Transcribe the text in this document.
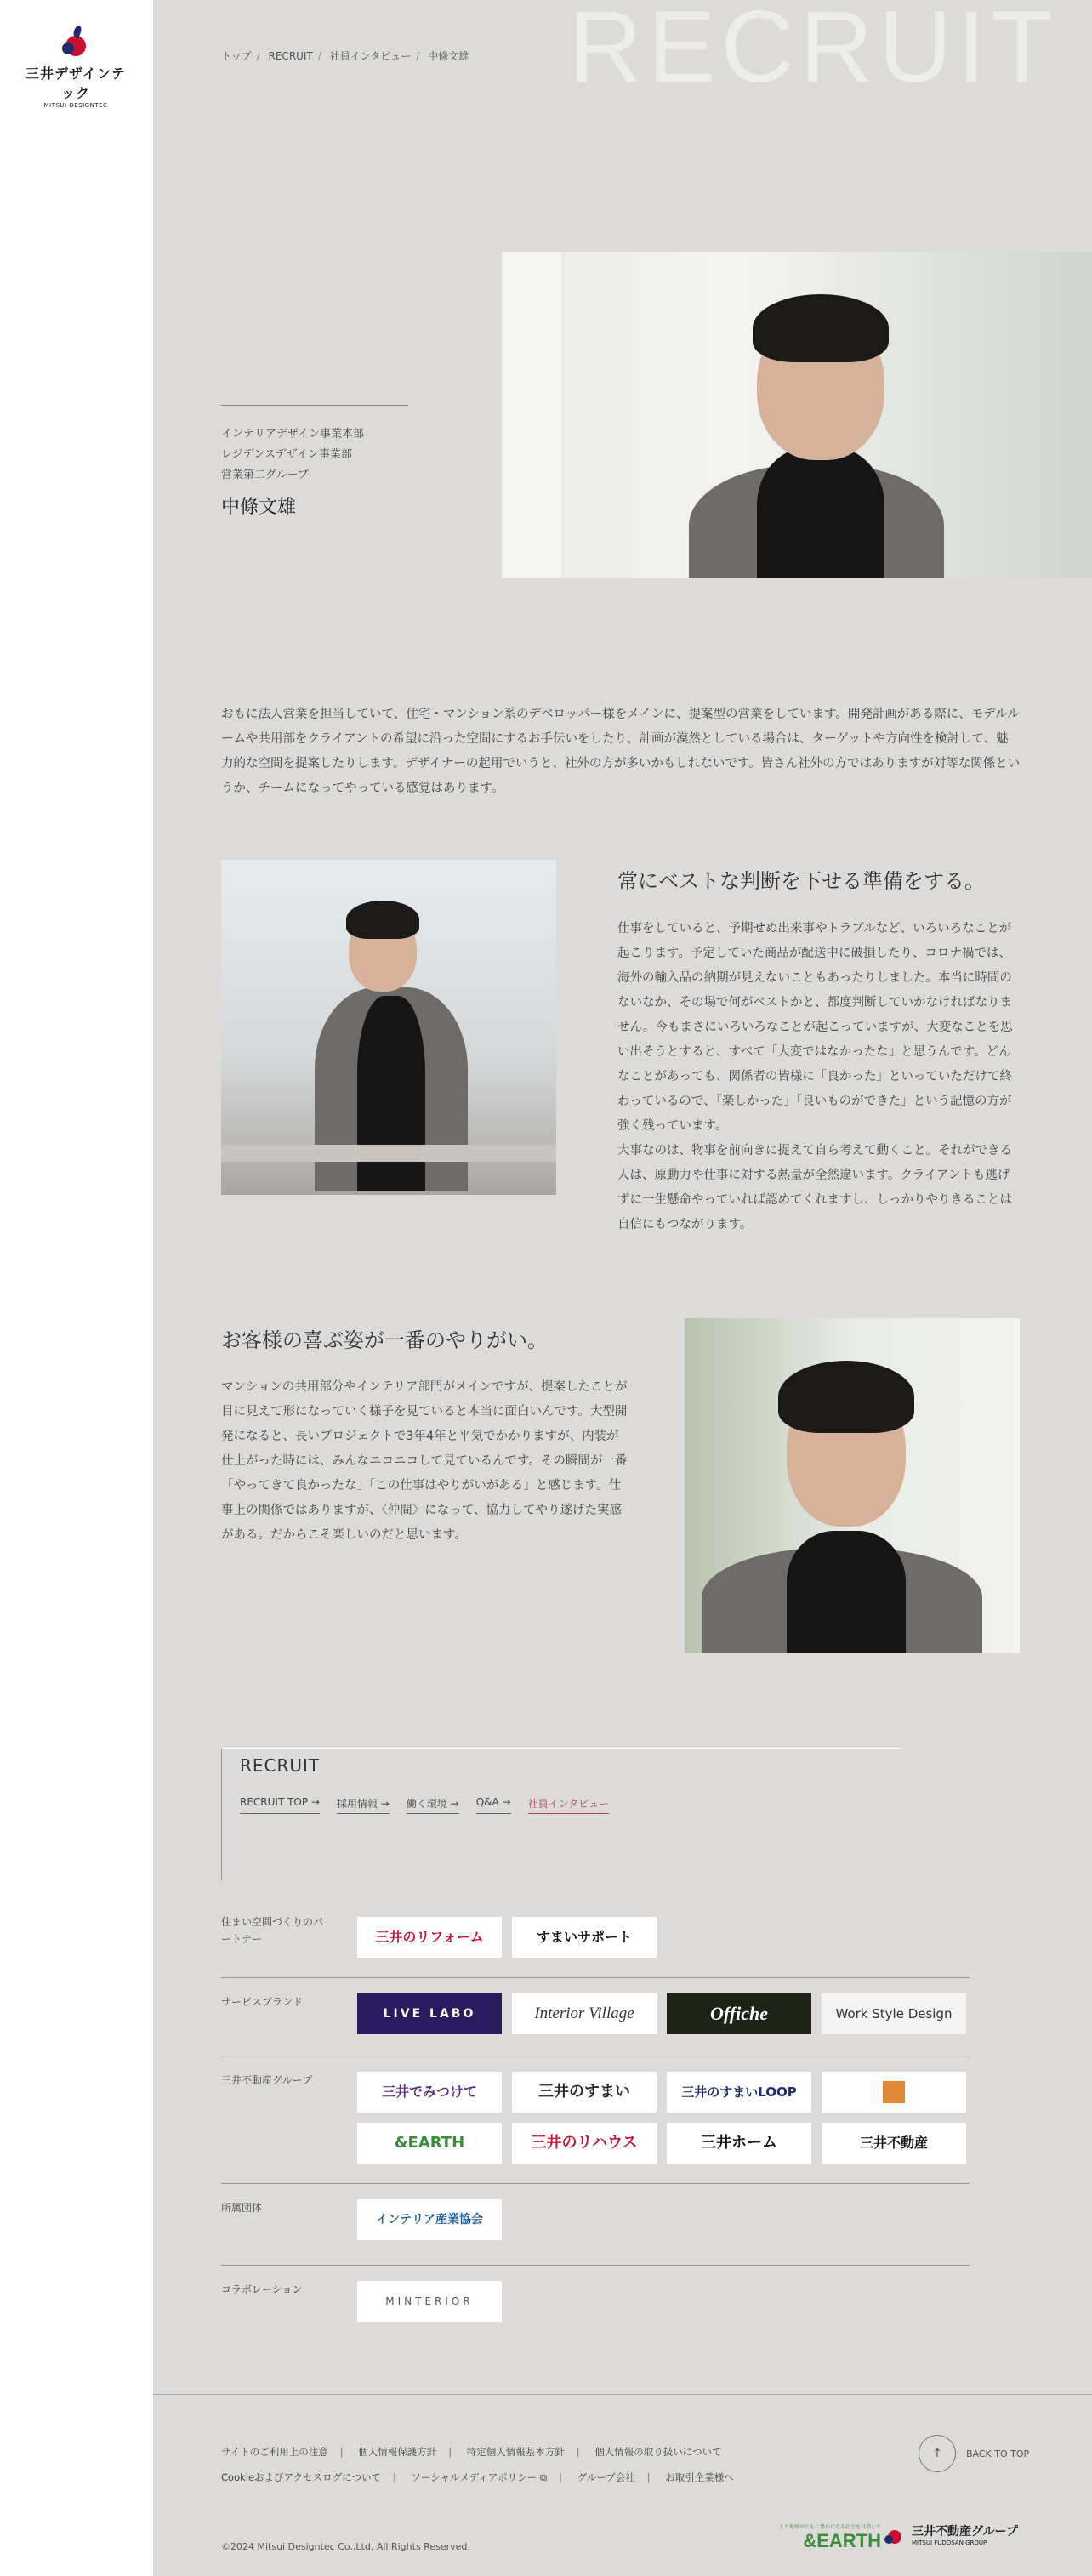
三井デザインテック
MITSUI DESIGNTEC
RECRUIT
トップ / RECRUIT / 社員インタビュー / 中條文雄
インテリアデザイン事業本部
レジデンスデザイン事業部
営業第二グループ
中條文雄

おもに法人営業を担当していて、住宅・マンション系のデベロッパー様をメインに、提案型の営業をしています。開発計画がある際に、モデルルームや共用部をクライアントの希望に沿った空間にするお手伝いをしたり、計画が漠然としている場合は、ターゲットや方向性を検討して、魅力的な空間を提案したりします。デザイナーの起用でいうと、社外の方が多いかもしれないです。皆さん社外の方ではありますが対等な関係というか、チームになってやっている感覚はあります。

常にベストな判断を下せる準備をする。

仕事をしていると、予期せぬ出来事やトラブルなど、いろいろなことが起こります。予定していた商品が配送中に破損したり、コロナ禍では、海外の輸入品の納期が見えないこともあったりしました。本当に時間のないなか、その場で何がベストかと、都度判断していかなければなりません。今もまさにいろいろなことが起こっていますが、大変なことを思い出そうとすると、すべて「大変ではなかったな」と思うんです。どんなことがあっても、関係者の皆様に「良かった」といっていただけて終わっているので、「楽しかった」「良いものができた」という記憶の方が強く残っています。

大事なのは、物事を前向きに捉えて自ら考えて動くこと。それができる人は、原動力や仕事に対する熱量が全然違います。クライアントも逃げずに一生懸命やっていれば認めてくれますし、しっかりやりきることは自信にもつながります。

お客様の喜ぶ姿が一番のやりがい。

マンションの共用部分やインテリア部門がメインですが、提案したことが目に見えて形になっていく様子を見ていると本当に面白いんです。大型開発になると、長いプロジェクトで3年4年と平気でかかりますが、内装が仕上がった時には、みんなニコニコして見ているんです。その瞬間が一番「やってきて良かったな」「この仕事はやりがいがある」と感じます。仕事上の関係ではありますが、〈仲間〉になって、協力してやり遂げた実感がある。だからこそ楽しいのだと思います。

RECRUIT
RECRUIT TOP → 採用情報 → 働く環境 → Q&A → 社員インタビュー
住まい空間づくりのパートナー	三井のリフォーム	すまいサポート
サービスブランド
LIVE LABO	Interior Village	Offiche	Work Style Design
三井不動産グループ
三井でみつけて	三井のすまい	三井のすまいLOOP
&EARTH	三井のリハウス	三井ホーム	三井不動産
所属団体
インテリア産業協会
コラボレーション
MINTERIOR
サイトのご利用上の注意 | 個人情報保護方針 | 特定個人情報基本方針 | 個人情報の取り扱いについて
Cookieおよびアクセスログについて | ソーシャルメディアポリシー ⧉ | グループ会社 | お取引企業様へ
↑	BACK TO TOP
©2024 Mitsui Designtec Co.,Ltd. All Rights Reserved.
人と地球がともに豊かになる社会を目指して
&EARTH	三井不動産グループ
MITSUI FUDOSAN GROUP
